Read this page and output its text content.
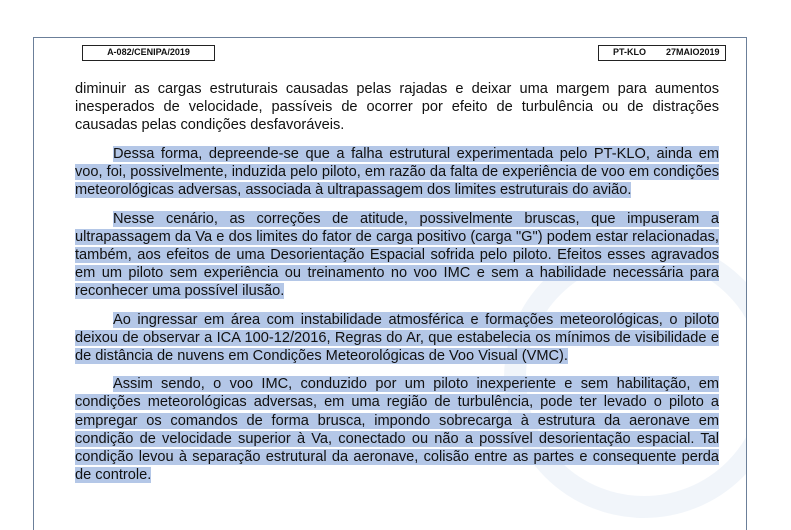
A-082/CENIPA/2019	PT-KLO 27MAIO2019

diminuir as cargas estruturais causadas pelas rajadas e deixar uma margem para aumentos inesperados de velocidade, passíveis de ocorrer por efeito de turbulência ou de distrações causadas pelas condições desfavoráveis.

Dessa forma, depreende-se que a falha estrutural experimentada pelo PT-KLO, ainda em voo, foi, possivelmente, induzida pelo piloto, em razão da falta de experiência de voo em condições meteorológicas adversas, associada à ultrapassagem dos limites estruturais do avião.

Nesse cenário, as correções de atitude, possivelmente bruscas, que impuseram a ultrapassagem da Va e dos limites do fator de carga positivo (carga "G") podem estar relacionadas, também, aos efeitos de uma Desorientação Espacial sofrida pelo piloto. Efeitos esses agravados em um piloto sem experiência ou treinamento no voo IMC e sem a habilidade necessária para reconhecer uma possível ilusão.

Ao ingressar em área com instabilidade atmosférica e formações meteorológicas, o piloto deixou de observar a ICA 100-12/2016, Regras do Ar, que estabelecia os mínimos de visibilidade e de distância de nuvens em Condições Meteorológicas de Voo Visual (VMC).

Assim sendo, o voo IMC, conduzido por um piloto inexperiente e sem habilitação, em condições meteorológicas adversas, em uma região de turbulência, pode ter levado o piloto a empregar os comandos de forma brusca, impondo sobrecarga à estrutura da aeronave em condição de velocidade superior à Va, conectado ou não a possível desorientação espacial. Tal condição levou à separação estrutural da aeronave, colisão entre as partes e consequente perda de controle.
